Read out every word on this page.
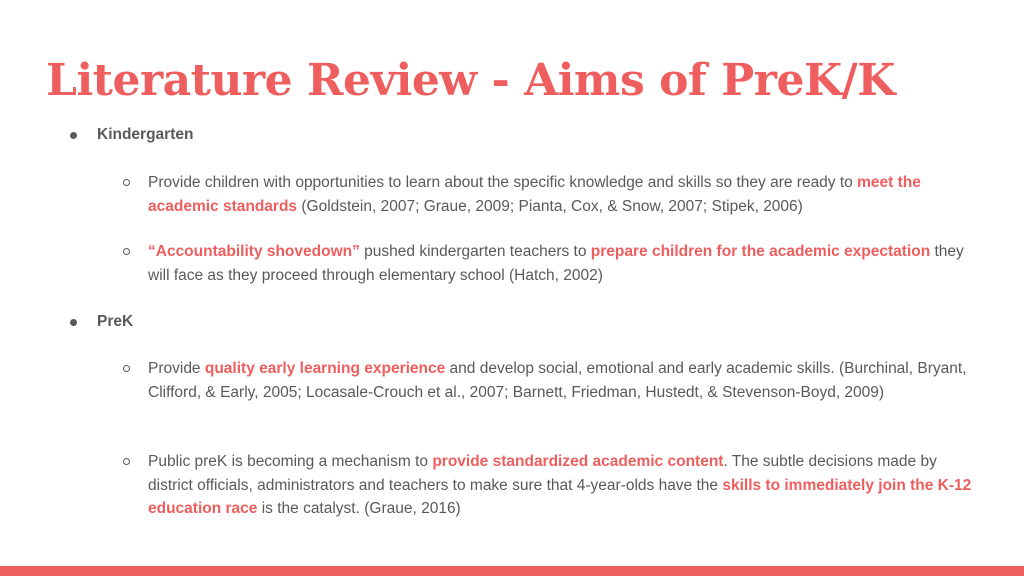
Literature Review - Aims of PreK/K
Kindergarten
Provide children with opportunities to learn about the specific knowledge and skills so they are ready to meet the academic standards (Goldstein, 2007; Graue, 2009; Pianta, Cox, & Snow, 2007; Stipek, 2006)
“Accountability shovedown” pushed kindergarten teachers to prepare children for the academic expectation they will face as they proceed through elementary school (Hatch, 2002)
PreK
Provide quality early learning experience and develop social, emotional and early academic skills. (Burchinal, Bryant, Clifford, & Early, 2005; Locasale-Crouch et al., 2007; Barnett, Friedman, Hustedt, & Stevenson-Boyd, 2009)
Public preK is becoming a mechanism to provide standardized academic content. The subtle decisions made by district officials, administrators and teachers to make sure that 4-year-olds have the skills to immediately join the K-12 education race is the catalyst. (Graue, 2016)
